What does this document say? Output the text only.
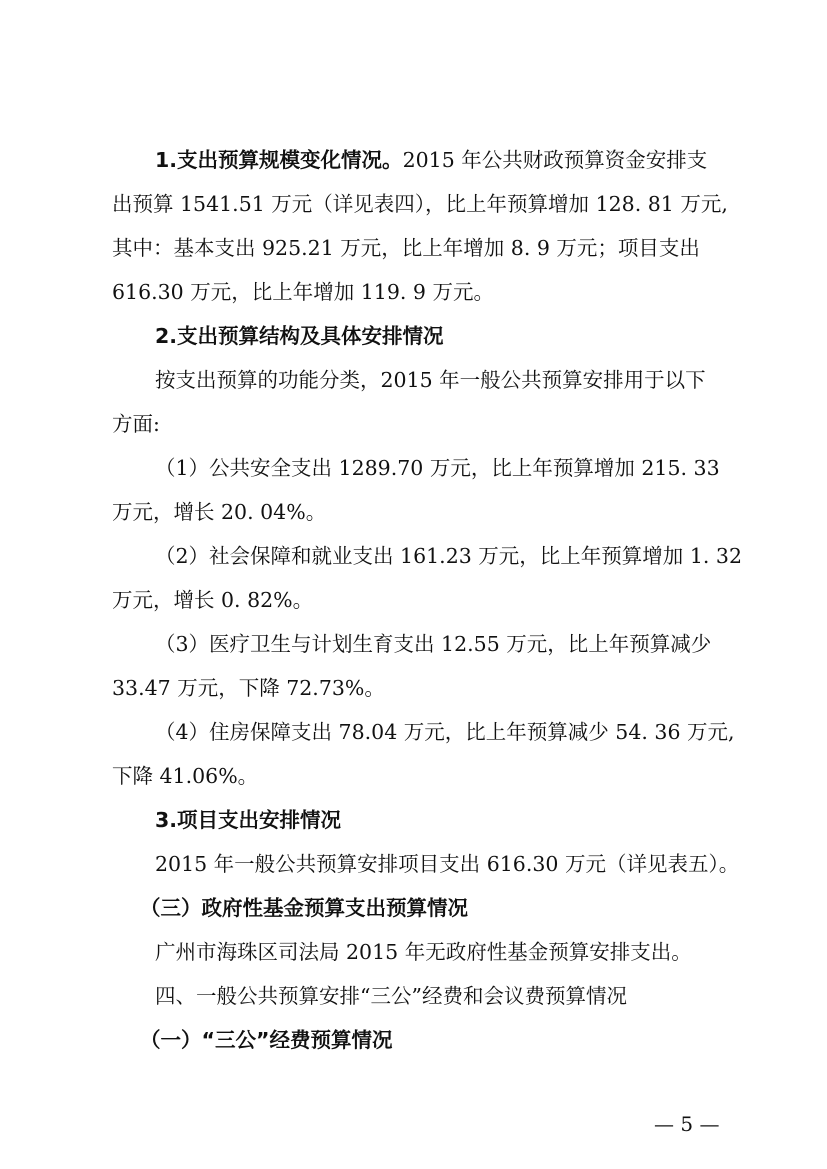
1.支出预算规模变化情况。2015 年公共财政预算资金安排支
出预算 1541.51 万元（详见表四），比上年预算增加 128. 81 万元,
其中：基本支出 925.21 万元，比上年增加 8. 9 万元；项目支出
616.30 万元，比上年增加 119. 9 万元。
2.支出预算结构及具体安排情况
按支出预算的功能分类，2015 年一般公共预算安排用于以下
方面:
（1）公共安全支出 1289.70 万元，比上年预算增加 215. 33
万元，增长 20. 04%。
（2）社会保障和就业支出 161.23 万元，比上年预算增加 1. 32
万元，增长 0. 82%。
（3）医疗卫生与计划生育支出 12.55 万元，比上年预算减少
33.47 万元，下降 72.73%。
（4）住房保障支出 78.04 万元，比上年预算减少 54. 36 万元,
下降 41.06%。
3.项目支出安排情况
2015 年一般公共预算安排项目支出 616.30 万元（详见表五）。
（三）政府性基金预算支出预算情况
广州市海珠区司法局 2015 年无政府性基金预算安排支出。
四、一般公共预算安排“三公”经费和会议费预算情况
（一）“三公”经费预算情况
— 5 —
